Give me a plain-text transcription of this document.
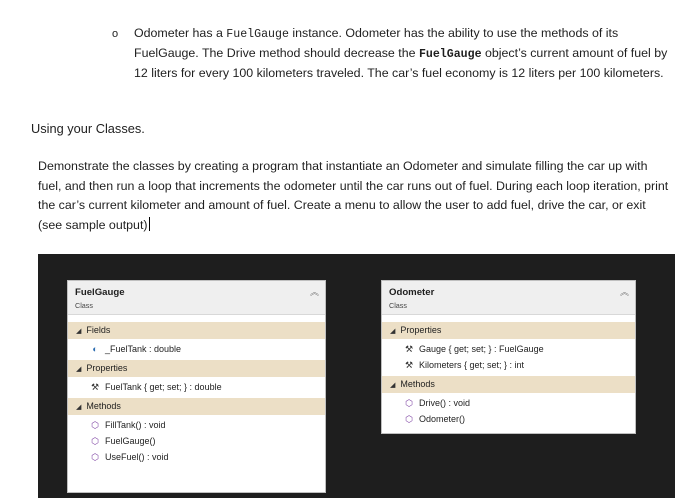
o Odometer has a FuelGauge instance. Odometer has the ability to use the methods of its FuelGauge. The Drive method should decrease the FuelGauge object’s current amount of fuel by 12 liters for every 100 kilometers traveled. The car’s fuel economy is 12 liters per 100 kilometers.
Using your Classes.
Demonstrate the classes by creating a program that instantiate an Odometer and simulate filling the car up with fuel, and then run a loop that increments the odometer until the car runs out of fuel. During each loop iteration, print the car’s current kilometer and amount of fuel. Create a menu to allow the user to add fuel, drive the car, or exit (see sample output)
FuelGauge
Class
︽
◢ Fields
◐ _FuelTank : double
◢ Properties
⚒ FuelTank { get; set; } : double
◢ Methods
⬡ FillTank() : void
⬡ FuelGauge()
⬡ UseFuel() : void
Odometer
Class
︽
◢ Properties
⚒ Gauge { get; set; } : FuelGauge
⚒ Kilometers { get; set; } : int
◢ Methods
⬡ Drive() : void
⬡ Odometer()
